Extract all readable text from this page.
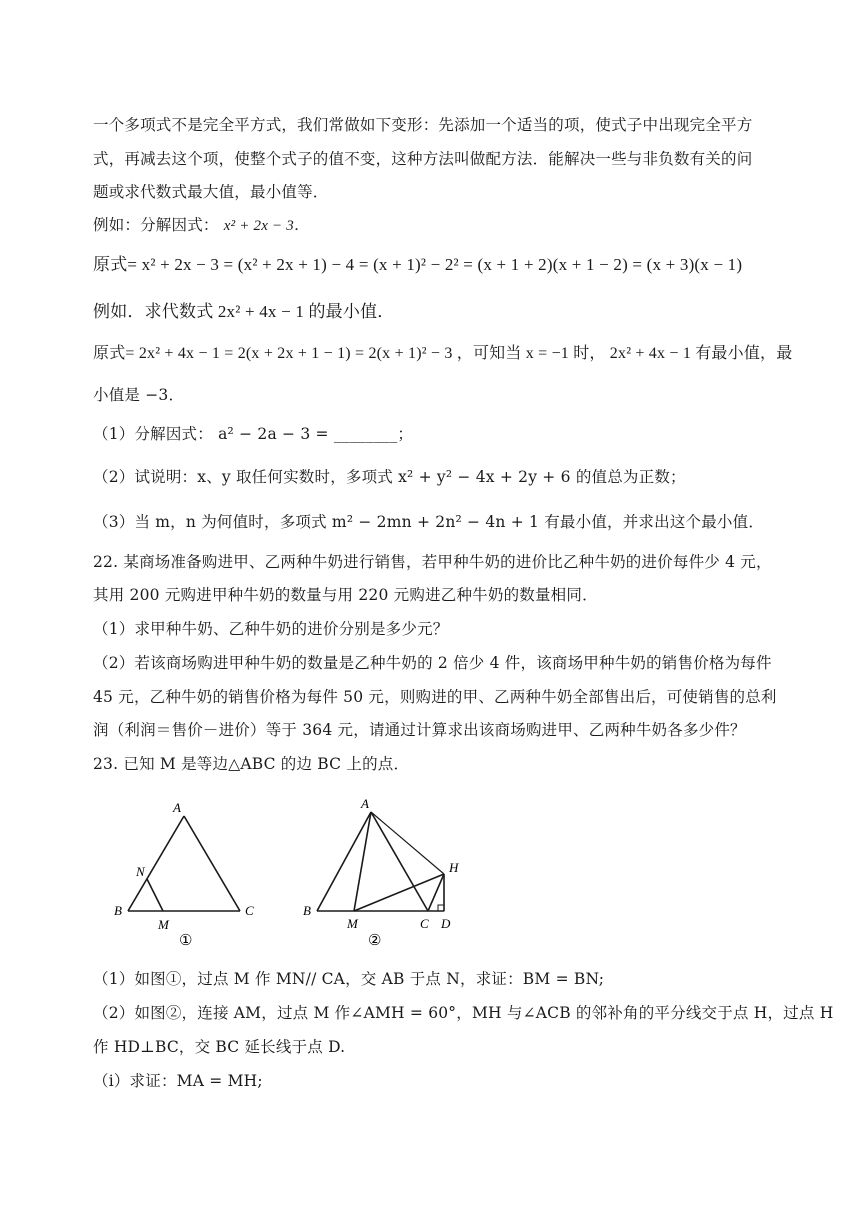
一个多项式不是完全平方式，我们常做如下变形：先添加一个适当的项，使式子中出现完全平方
式，再减去这个项，使整个式子的值不变，这种方法叫做配方法．能解决一些与非负数有关的问
题或求代数式最大值，最小值等．
例如：分解因式： x² + 2x − 3．
原式= x² + 2x − 3 = (x² + 2x + 1) − 4 = (x + 1)² − 2² = (x + 1 + 2)(x + 1 − 2) = (x + 3)(x − 1)
例如．求代数式 2x² + 4x − 1 的最小值．
原式= 2x² + 4x − 1 = 2(x + 2x + 1 − 1) = 2(x + 1)² − 3 ，可知当 x = −1 时， 2x² + 4x − 1 有最小值，最
小值是 −3．
（1）分解因式： a² − 2a − 3 = ________；
（2）试说明：x、y 取任何实数时，多项式 x² + y² − 4x + 2y + 6 的值总为正数；
（3）当 m，n 为何值时，多项式 m² − 2mn + 2n² − 4n + 1 有最小值，并求出这个最小值．
22. 某商场准备购进甲、乙两种牛奶进行销售，若甲种牛奶的进价比乙种牛奶的进价每件少 4 元，
其用 200 元购进甲种牛奶的数量与用 220 元购进乙种牛奶的数量相同．
（1）求甲种牛奶、乙种牛奶的进价分别是多少元？
（2）若该商场购进甲种牛奶的数量是乙种牛奶的 2 倍少 4 件，该商场甲种牛奶的销售价格为每件
45 元，乙种牛奶的销售价格为每件 50 元，则购进的甲、乙两种牛奶全部售出后，可使销售的总利
润（利润＝售价－进价）等于 364 元，请通过计算求出该商场购进甲、乙两种牛奶各多少件？
23. 已知 M 是等边△ABC 的边 BC 上的点．
A
B	C
M
N
①
A
B
C
M
H
D
②
（1）如图①，过点 M 作 MN// CA，交 AB 于点 N，求证：BM = BN;
（2）如图②，连接 AM，过点 M 作∠AMH = 60°，MH 与∠ACB 的邻补角的平分线交于点 H，过点 H
作 HD⊥BC，交 BC 延长线于点 D.
（ⅰ）求证：MA = MH;
